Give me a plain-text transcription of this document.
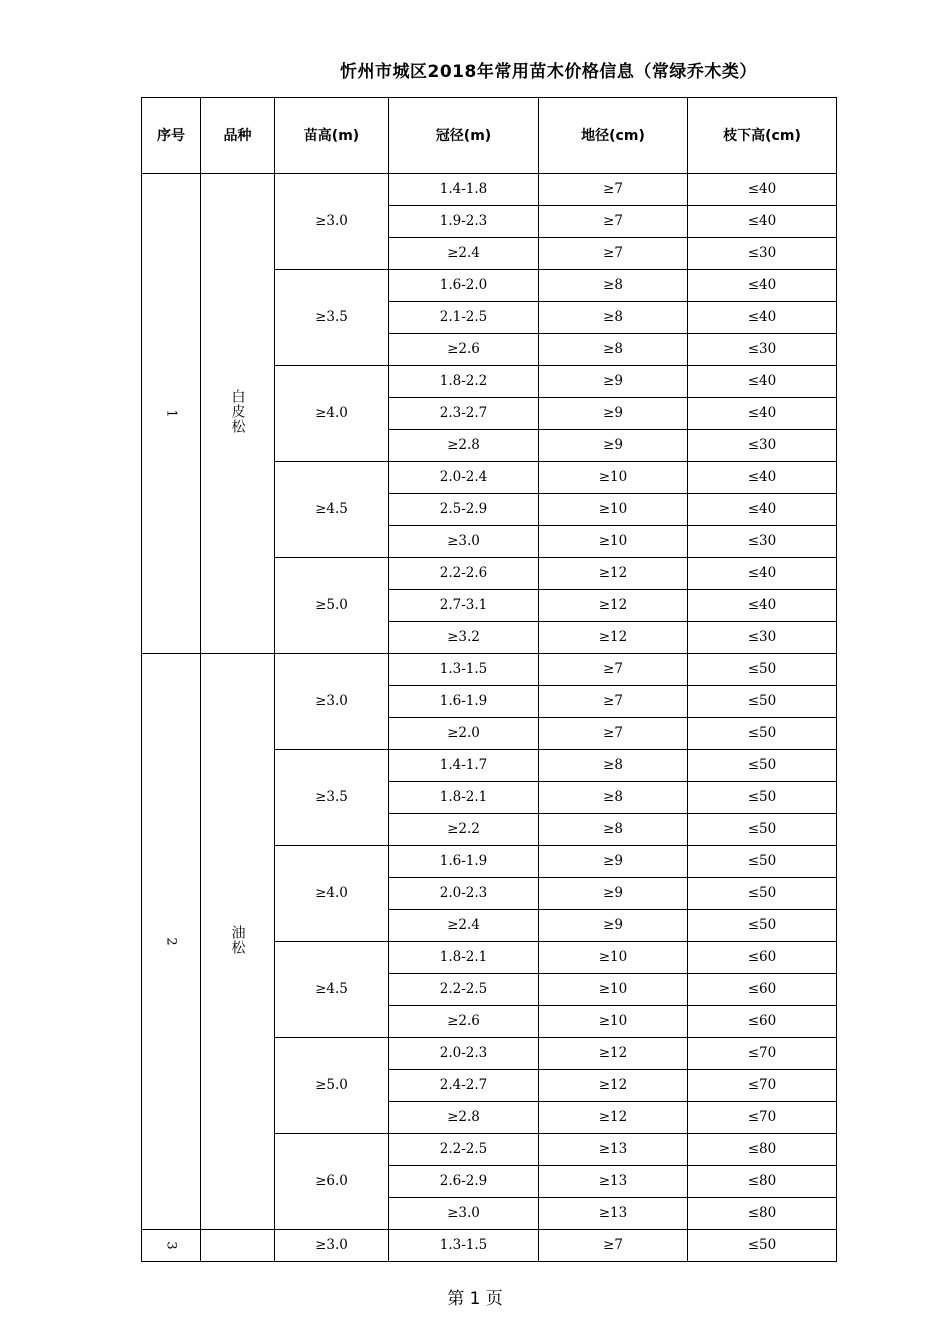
忻州市城区2018年常用苗木价格信息（常绿乔木类）
序号	品种	苗高(m)	冠径(m)	地径(cm)	枝下高(cm)
1	白皮松	≥3.0	1.4-1.8	≥7	≤40
			1.9-2.3	≥7	≤40
			≥2.4	≥7	≤30
		≥3.5	1.6-2.0	≥8	≤40
			2.1-2.5	≥8	≤40
			≥2.6	≥8	≤30
		≥4.0	1.8-2.2	≥9	≤40
			2.3-2.7	≥9	≤40
			≥2.8	≥9	≤30
		≥4.5	2.0-2.4	≥10	≤40
			2.5-2.9	≥10	≤40
			≥3.0	≥10	≤30
		≥5.0	2.2-2.6	≥12	≤40
			2.7-3.1	≥12	≤40
			≥3.2	≥12	≤30
2	油松	≥3.0	1.3-1.5	≥7	≤50
			1.6-1.9	≥7	≤50
			≥2.0	≥7	≤50
		≥3.5	1.4-1.7	≥8	≤50
			1.8-2.1	≥8	≤50
			≥2.2	≥8	≤50
		≥4.0	1.6-1.9	≥9	≤50
			2.0-2.3	≥9	≤50
			≥2.4	≥9	≤50
		≥4.5	1.8-2.1	≥10	≤60
			2.2-2.5	≥10	≤60
			≥2.6	≥10	≤60
		≥5.0	2.0-2.3	≥12	≤70
			2.4-2.7	≥12	≤70
			≥2.8	≥12	≤70
		≥6.0	2.2-2.5	≥13	≤80
			2.6-2.9	≥13	≤80
			≥3.0	≥13	≤80
3		≥3.0	1.3-1.5	≥7	≤50
第 1 页
